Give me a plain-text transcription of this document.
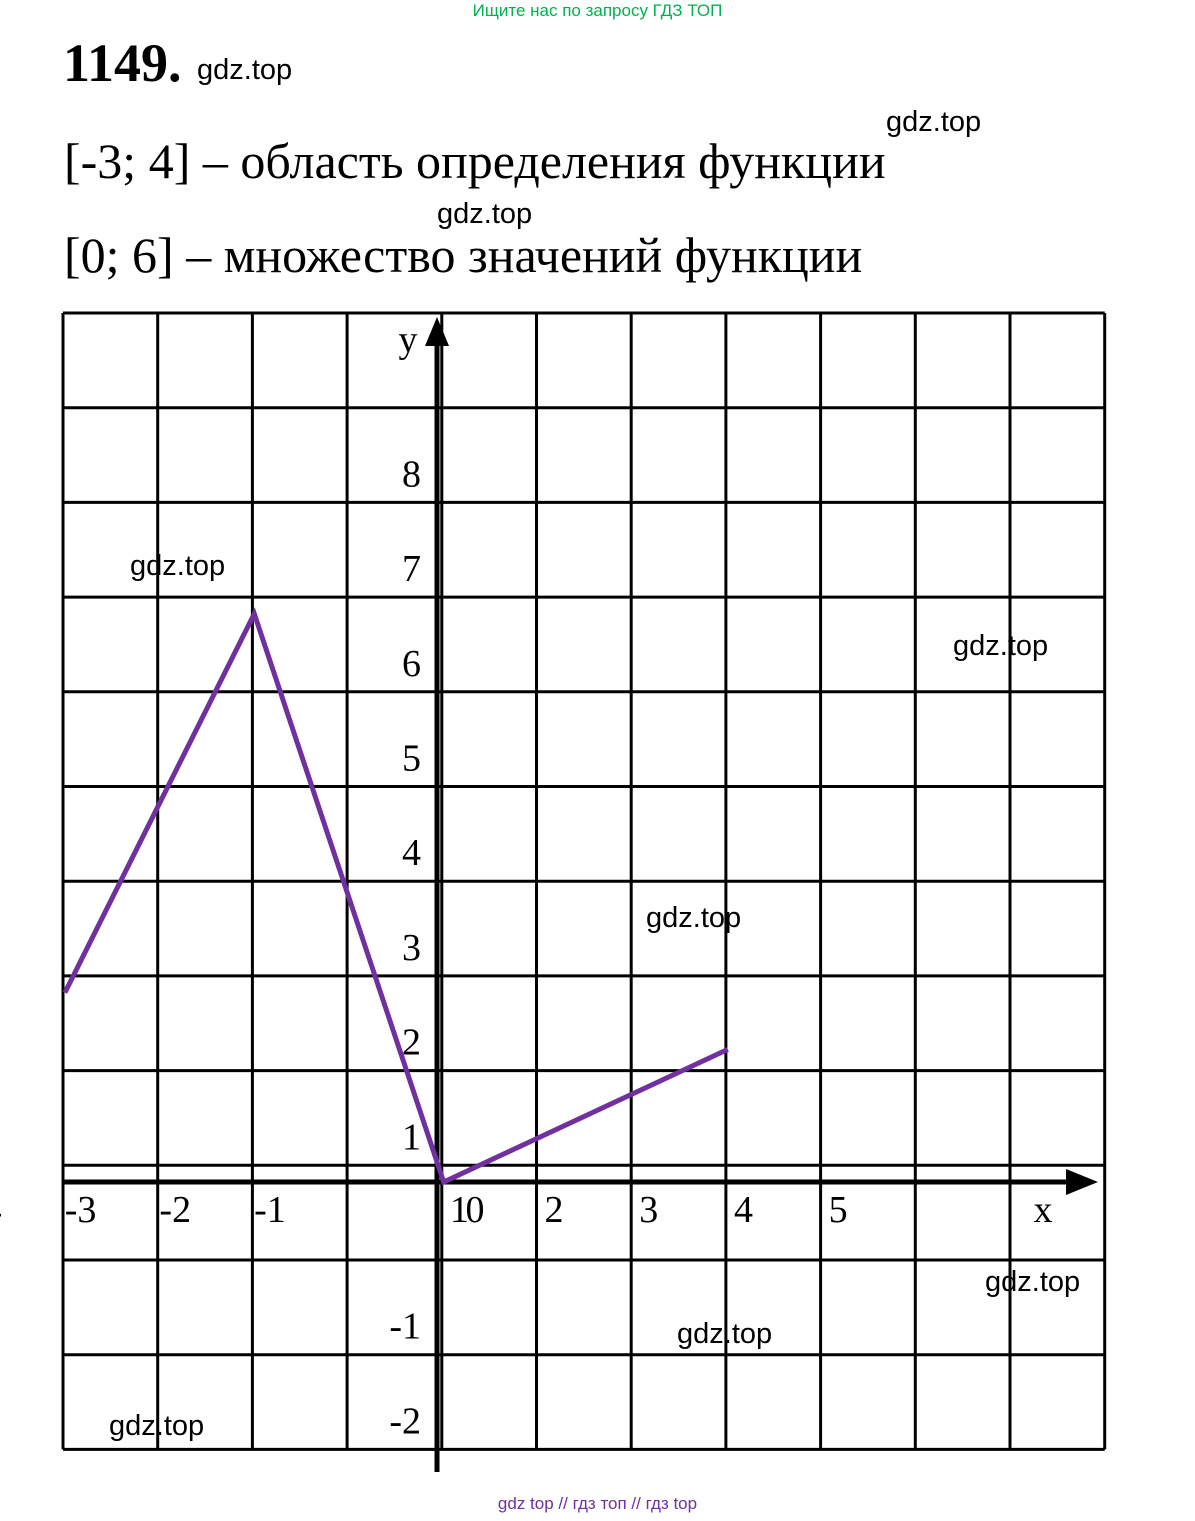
Ищите нас по запросу ГДЗ ТОП
1149.
[-3; 4] – область определения функции
[0; 6] – множество значений функции
-3 -2 -1	0
1 2 3 4 5	x
8
7
6
5
4
3
2
1
-1
-2
y
gdz.top
gdz.top
gdz.top
gdz.top
gdz.top
gdz.top
gdz.top
gdz.top
gdz.top
gdz top // гдз топ // гдз top
